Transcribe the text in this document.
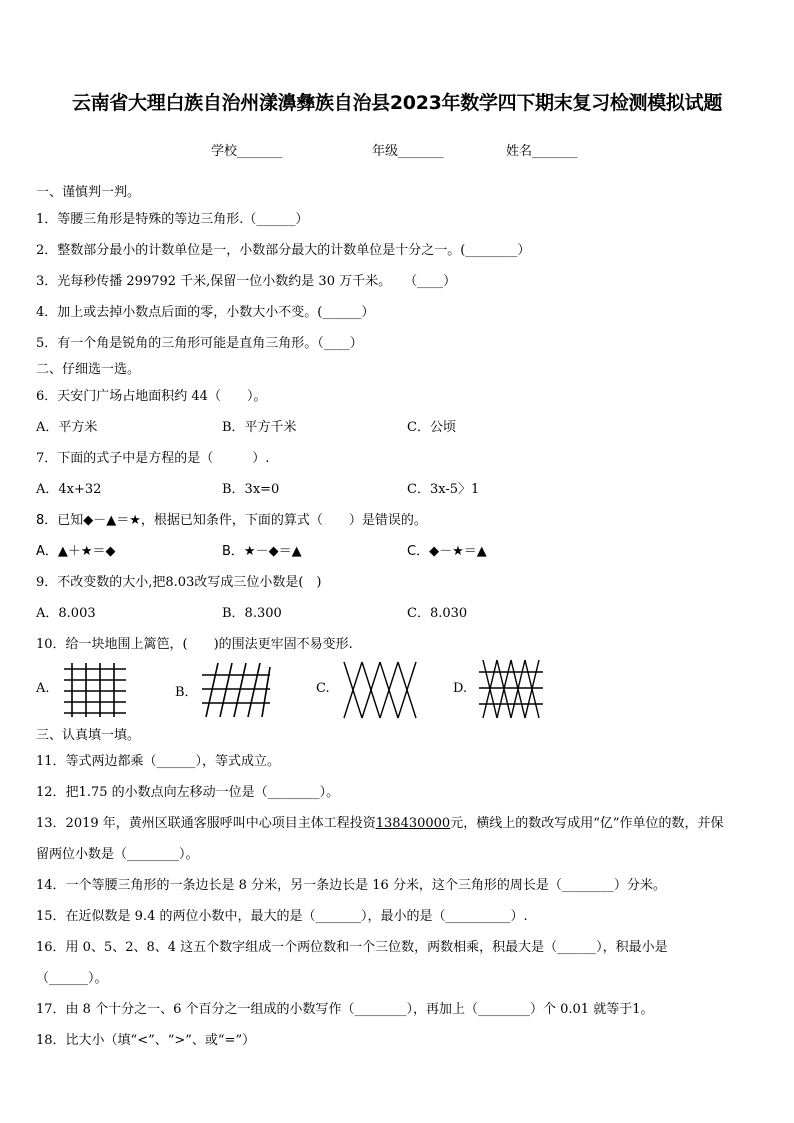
云南省大理白族自治州漾濞彝族自治县2023年数学四下期末复习检测模拟试题
学校_______	年级_______	姓名_______
一、谨慎判一判。
1．等腰三角形是特殊的等边三角形.（______）
2．整数部分最小的计数单位是一，小数部分最大的计数单位是十分之一。(________）
3．光每秒传播 299792 千米,保留一位小数约是 30 万千米。　　（____）
4．加上或去掉小数点后面的零，小数大小不变。(______）
5．有一个角是锐角的三角形可能是直角三角形。（____）
二、仔细选一选。
6．天安门广场占地面积约 44（　　）。
A．平方米	B．平方千米	C．公顷
7．下面的式子中是方程的是（　　　）.
A．4x+32	B．3x=0	C．3x-5〉1
8．已知◆－▲＝★，根据已知条件，下面的算式（　　）是错误的。
A．▲＋★＝◆	B．★－◆＝▲	C．◆－★＝▲
9．不改变数的大小,把8.03改写成三位小数是(　)
A．8.003	B．8.300	C．8.030
10．给一块地围上篱笆，(　　)的围法更牢固不易变形.
A.	B．	C.	D.
三、认真填一填。
11．等式两边都乘（______），等式成立。
12．把1.75 的小数点向左移动一位是（________）。
13．2019 年，黄州区联通客服呼叫中心项目主体工程投资138430000元，横线上的数改写成用“亿”作单位的数，并保
留两位小数是（________）。
14．一个等腰三角形的一条边长是 8 分米，另一条边长是 16 分米，这个三角形的周长是（________）分米。
15．在近似数是 9.4 的两位小数中，最大的是（_______），最小的是（__________）.
16．用 0、5、2、8、4 这五个数字组成一个两位数和一个三位数，两数相乘，积最大是（______），积最小是
（______）。
17．由 8 个十分之一、6 个百分之一组成的小数写作（________），再加上（________）个 0.01 就等于1。
18．比大小（填“<”、“>”、或“=”）
